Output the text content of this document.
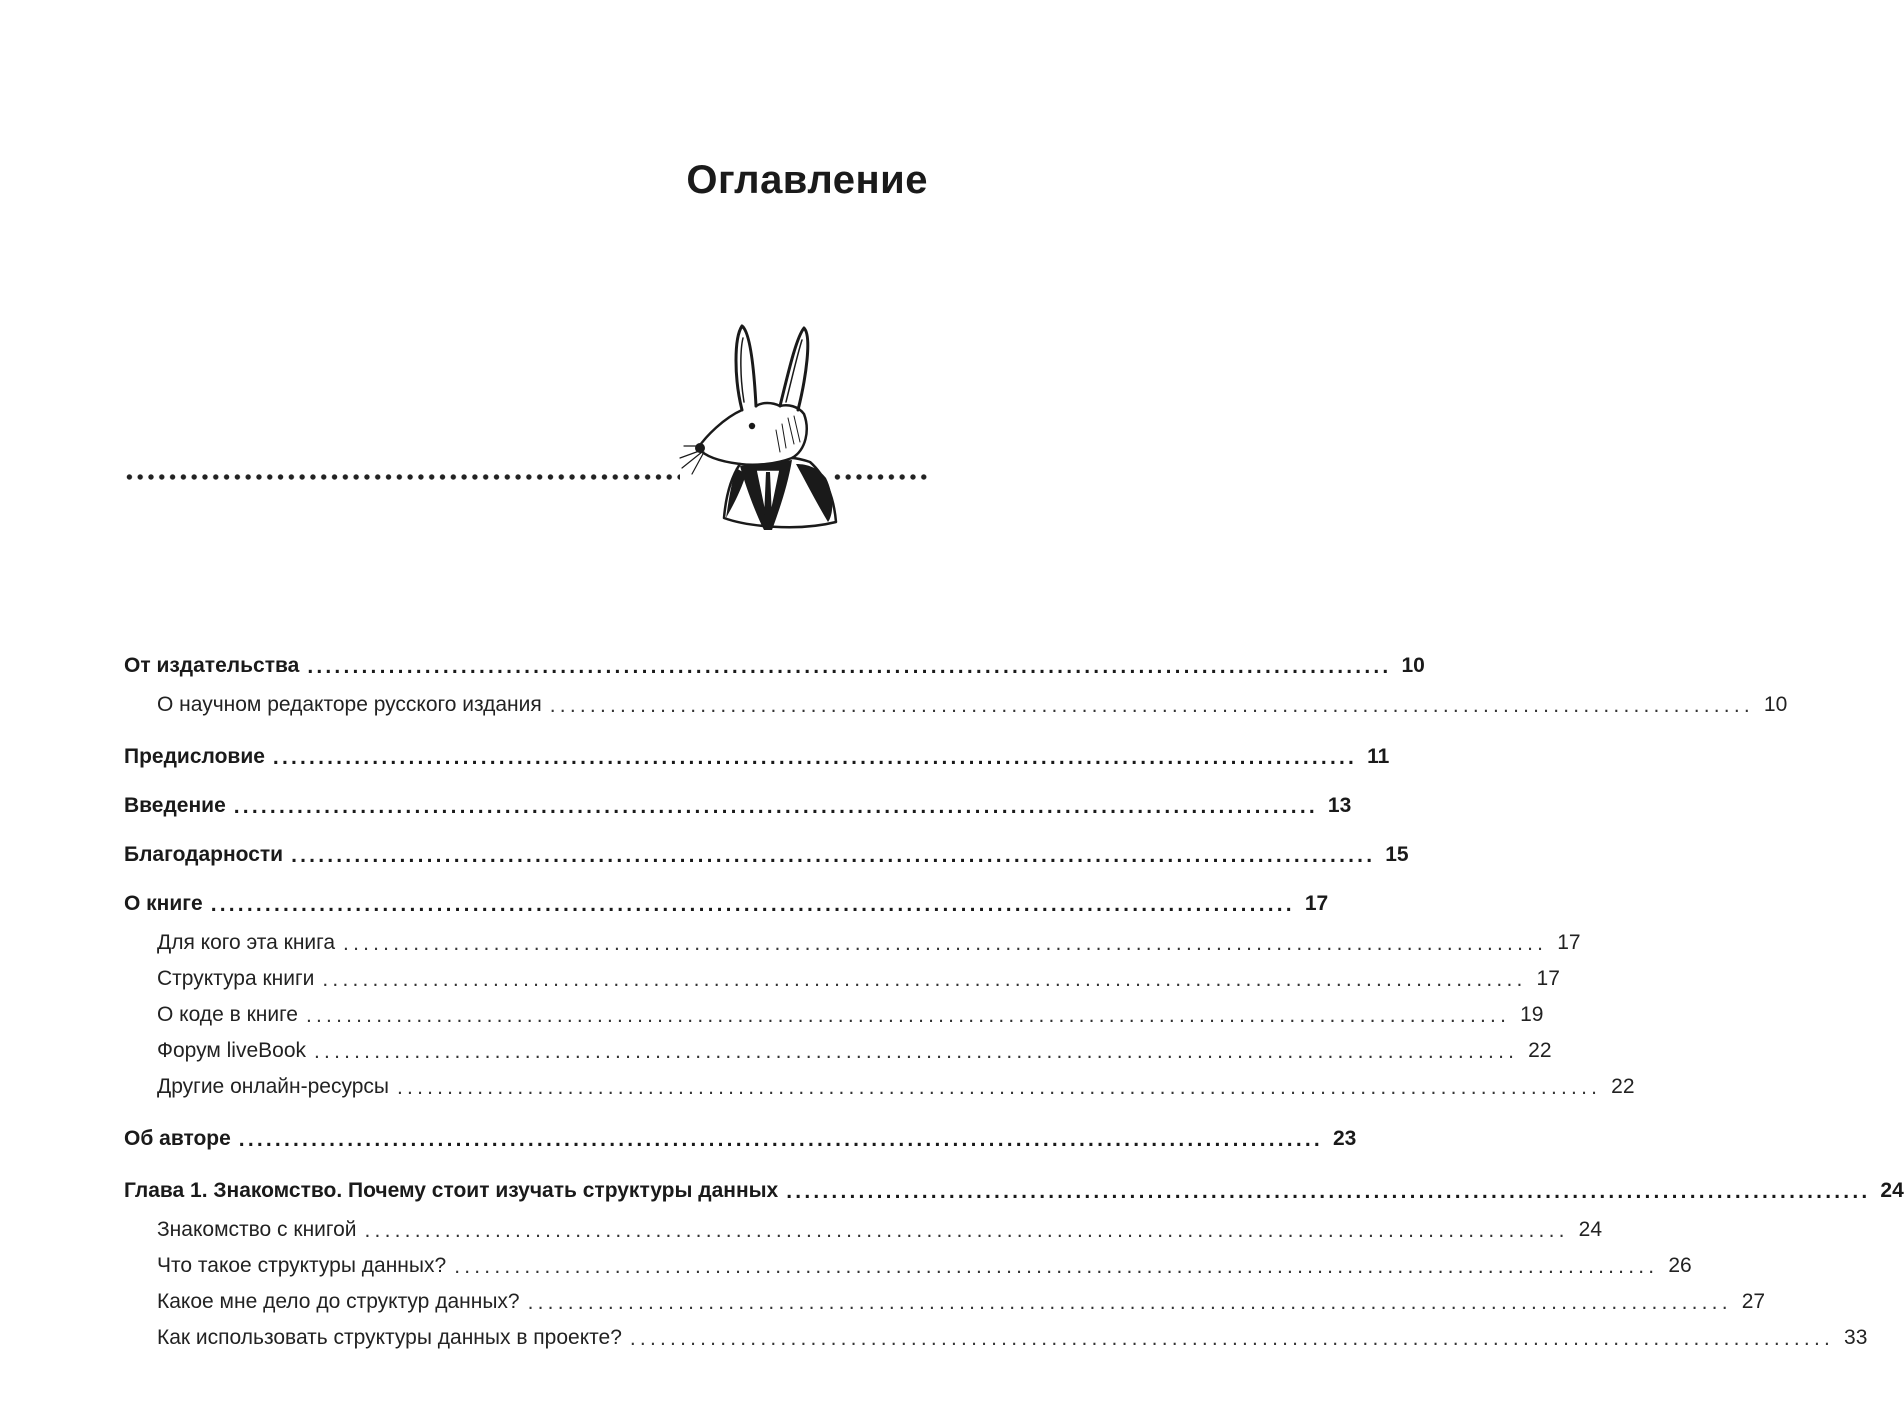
Оглавление
От издательства ........................................................................................................................ 10
О научном редакторе русского издания ........................................................................................................................ 10
Предисловие ........................................................................................................................ 11
Введение ........................................................................................................................ 13
Благодарности ........................................................................................................................ 15
О книге ........................................................................................................................ 17
Для кого эта книга ........................................................................................................................ 17
Структура книги ........................................................................................................................ 17
О коде в книге ........................................................................................................................ 19
Форум liveBook ........................................................................................................................ 22
Другие онлайн-ресурсы ........................................................................................................................ 22
Об авторе ........................................................................................................................ 23
Глава 1. Знакомство. Почему стоит изучать структуры данных ........................................................................................................................ 24
Знакомство с книгой ........................................................................................................................ 24
Что такое структуры данных? ........................................................................................................................ 26
Какое мне дело до структур данных? ........................................................................................................................ 27
Как использовать структуры данных в проекте? ........................................................................................................................ 33
